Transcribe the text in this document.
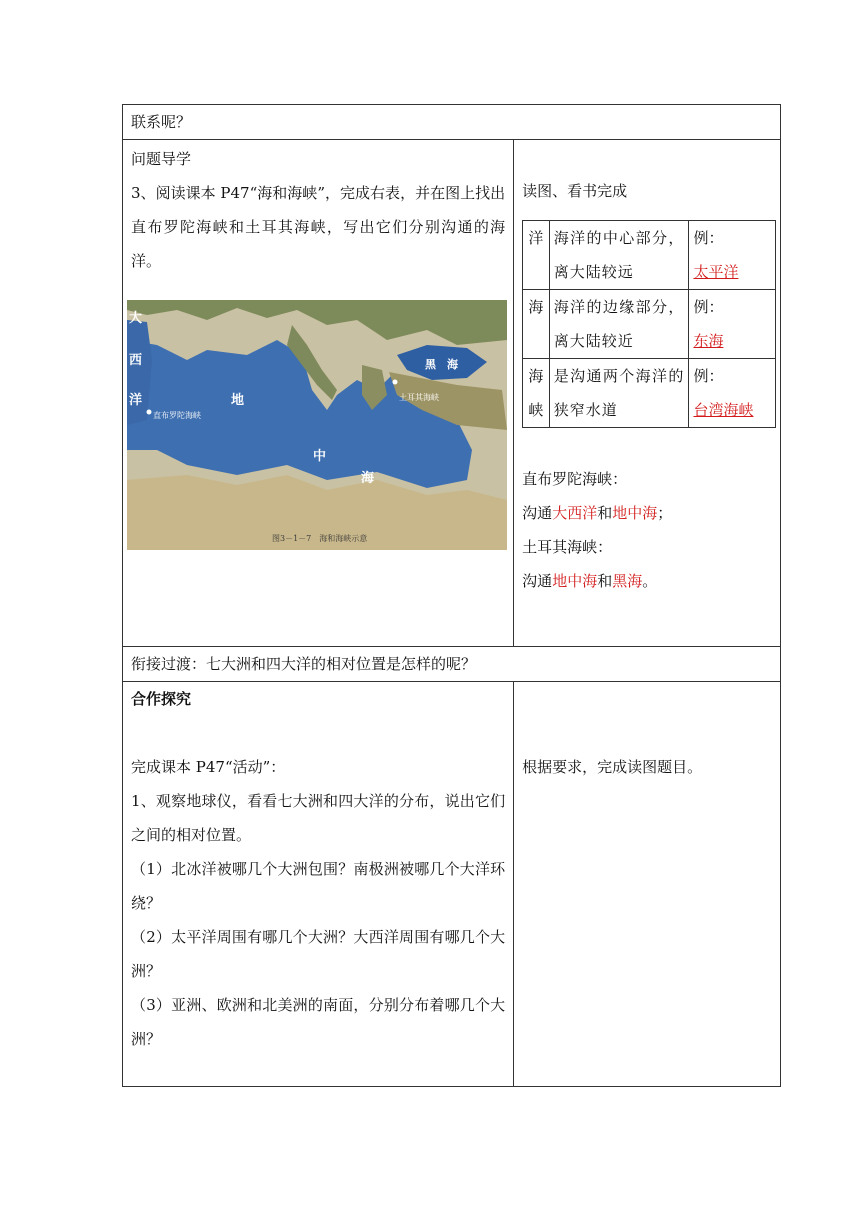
联系呢？

问题导学
3、阅读课本 P47“海和海峡”，完成右表，并在图上找出直布罗陀海峡和土耳其海峡，写出它们分别沟通的海洋。
大
西
洋	地
中
海
黑　海
直布罗陀海峡
土耳其海峡
图3－1－7　海和海峡示意

读图、看书完成
洋	海洋的中心部分，离大陆较远	例：
太平洋
海	海洋的边缘部分，离大陆较近	例：
东海
海峡	是沟通两个海洋的狭窄水道	例：
台湾海峡
直布罗陀海峡：
沟通大西洋和地中海；
土耳其海峡：
沟通地中海和黑海。

衔接过渡：七大洲和四大洋的相对位置是怎样的呢？

合作探究
完成课本 P47“活动”：
1、观察地球仪，看看七大洲和四大洋的分布，说出它们之间的相对位置。
（1）北冰洋被哪几个大洲包围？南极洲被哪几个大洋环绕？
（2）太平洋周围有哪几个大洲？大西洋周围有哪几个大洲？
（3）亚洲、欧洲和北美洲的南面，分别分布着哪几个大洲？

根据要求，完成读图题目。
